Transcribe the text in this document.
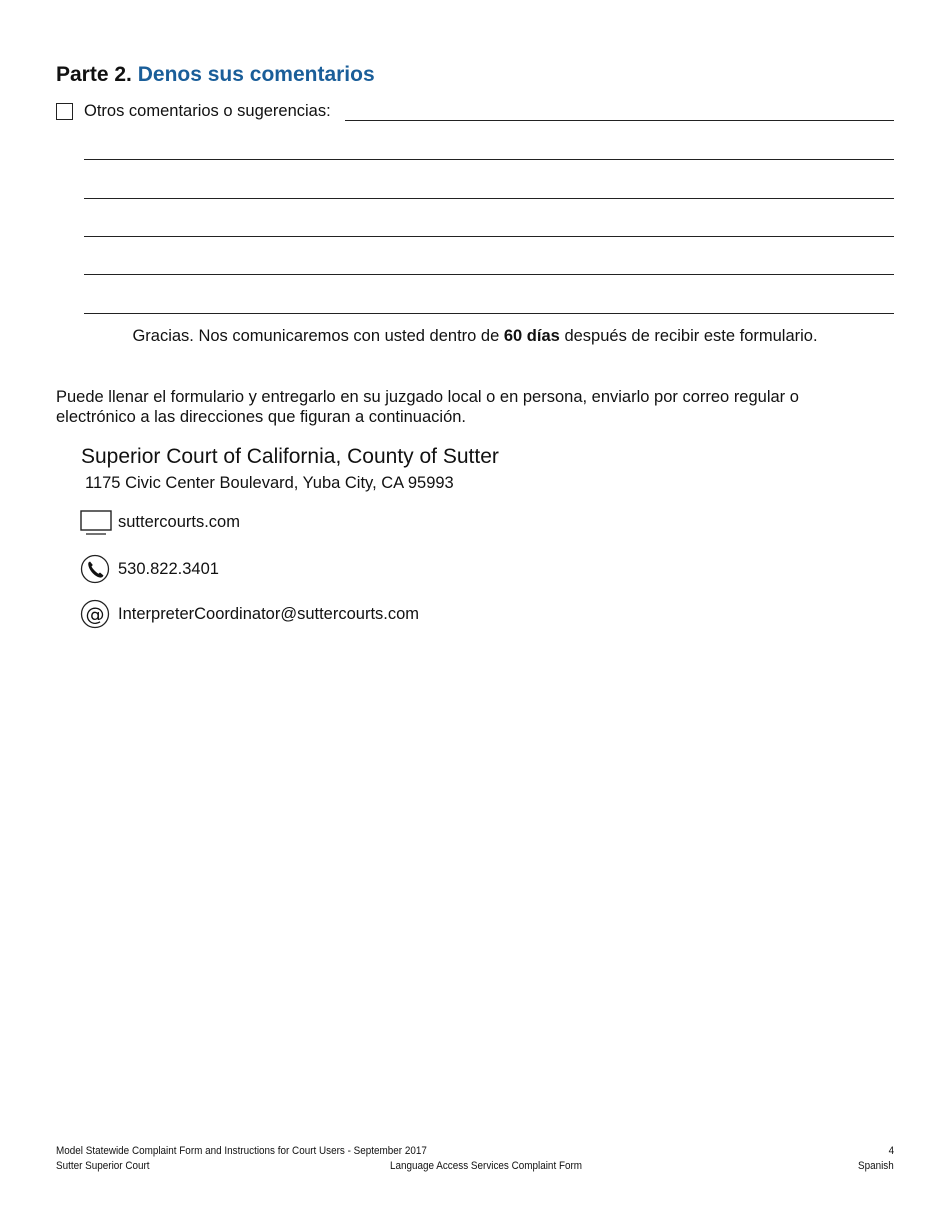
Parte 2. Denos sus comentarios
Otros comentarios o sugerencias:
Gracias. Nos comunicaremos con usted dentro de 60 días después de recibir este formulario.
Puede llenar el formulario y entregarlo en su juzgado local o en persona, enviarlo por correo regular o electrónico a las direcciones que figuran a continuación.
Superior Court of California, County of Sutter
1175 Civic Center Boulevard, Yuba City, CA 95993
suttercourts.com
530.822.3401
@ InterpreterCoordinator@suttercourts.com
Model Statewide Complaint Form and Instructions for Court Users - September 2017
Sutter Superior Court	Language Access Services Complaint Form
4
Spanish
